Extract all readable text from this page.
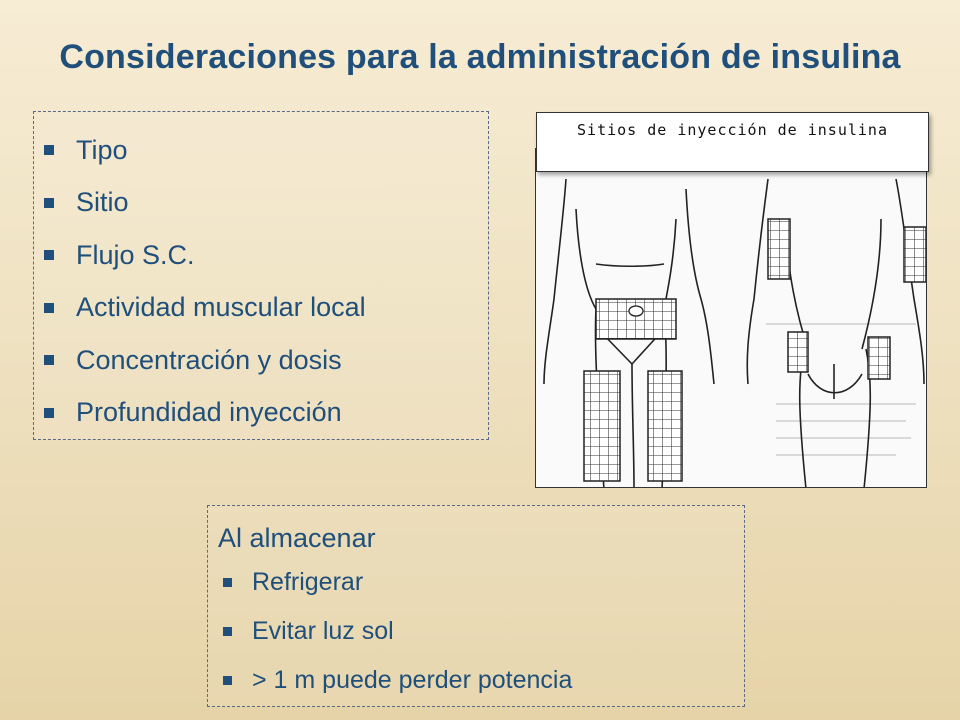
Consideraciones para la administración de insulina
Tipo
Sitio
Flujo S.C.
Actividad muscular local
Concentración y dosis
Profundidad inyección
Sitios de inyección de insulina
Al almacenar
Refrigerar
Evitar luz sol
> 1 m puede perder potencia
